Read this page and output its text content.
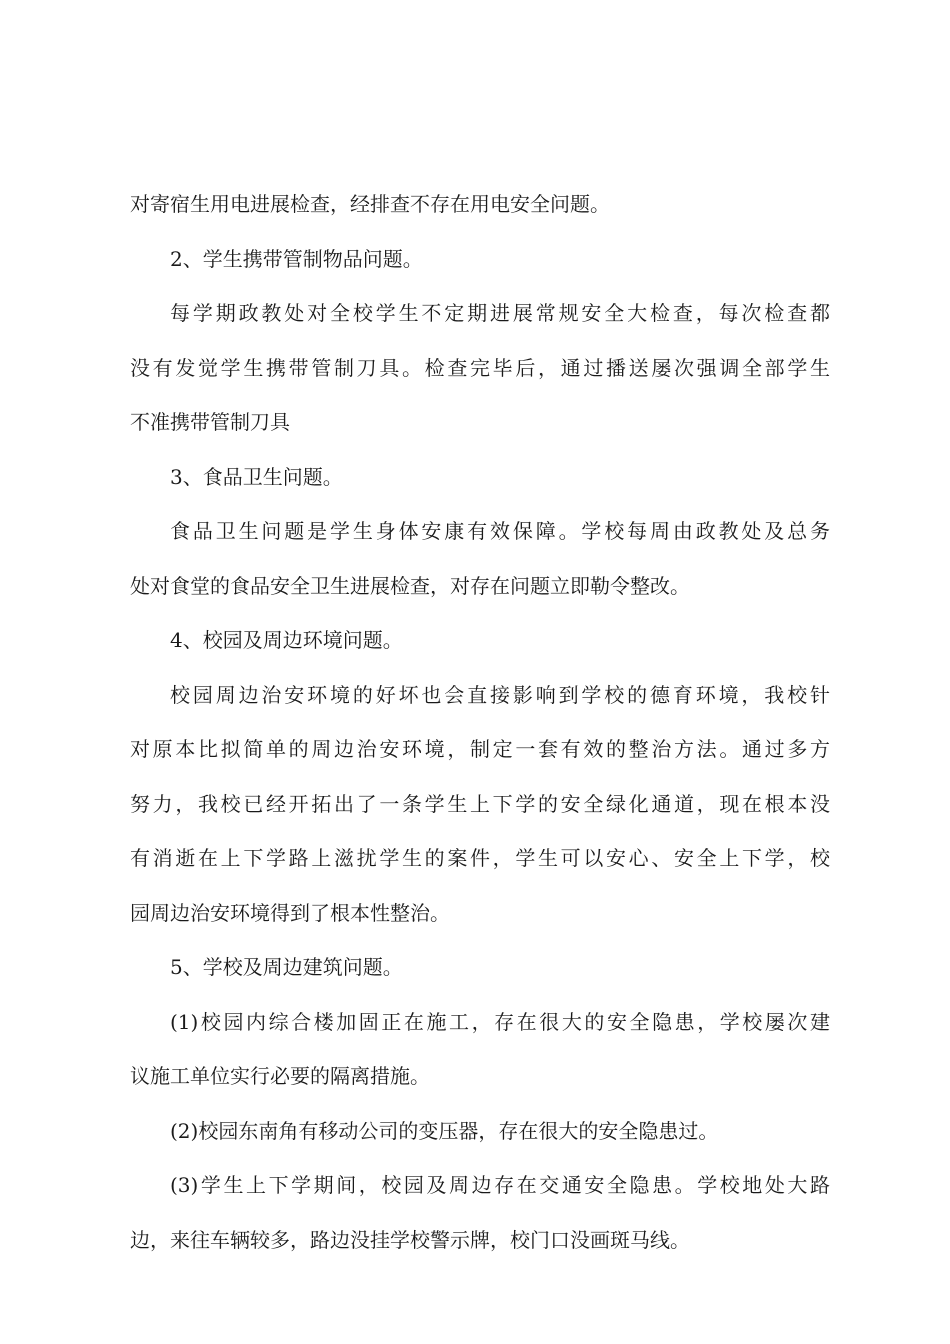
对寄宿生用电进展检查，经排查不存在用电安全问题。
2、学生携带管制物品问题。
每学期政教处对全校学生不定期进展常规安全大检查，每次检查都
没有发觉学生携带管制刀具。检查完毕后，通过播送屡次强调全部学生
不准携带管制刀具
3、食品卫生问题。
食品卫生问题是学生身体安康有效保障。学校每周由政教处及总务
处对食堂的食品安全卫生进展检查，对存在问题立即勒令整改。
4、校园及周边环境问题。
校园周边治安环境的好坏也会直接影响到学校的德育环境，我校针
对原本比拟简单的周边治安环境，制定一套有效的整治方法。通过多方
努力，我校已经开拓出了一条学生上下学的安全绿化通道，现在根本没
有消逝在上下学路上滋扰学生的案件，学生可以安心、安全上下学，校
园周边治安环境得到了根本性整治。
5、学校及周边建筑问题。
(1)校园内综合楼加固正在施工，存在很大的安全隐患，学校屡次建
议施工单位实行必要的隔离措施。
(2)校园东南角有移动公司的变压器，存在很大的安全隐患过。
(3)学生上下学期间，校园及周边存在交通安全隐患。学校地处大路
边，来往车辆较多，路边没挂学校警示牌，校门口没画斑马线。
